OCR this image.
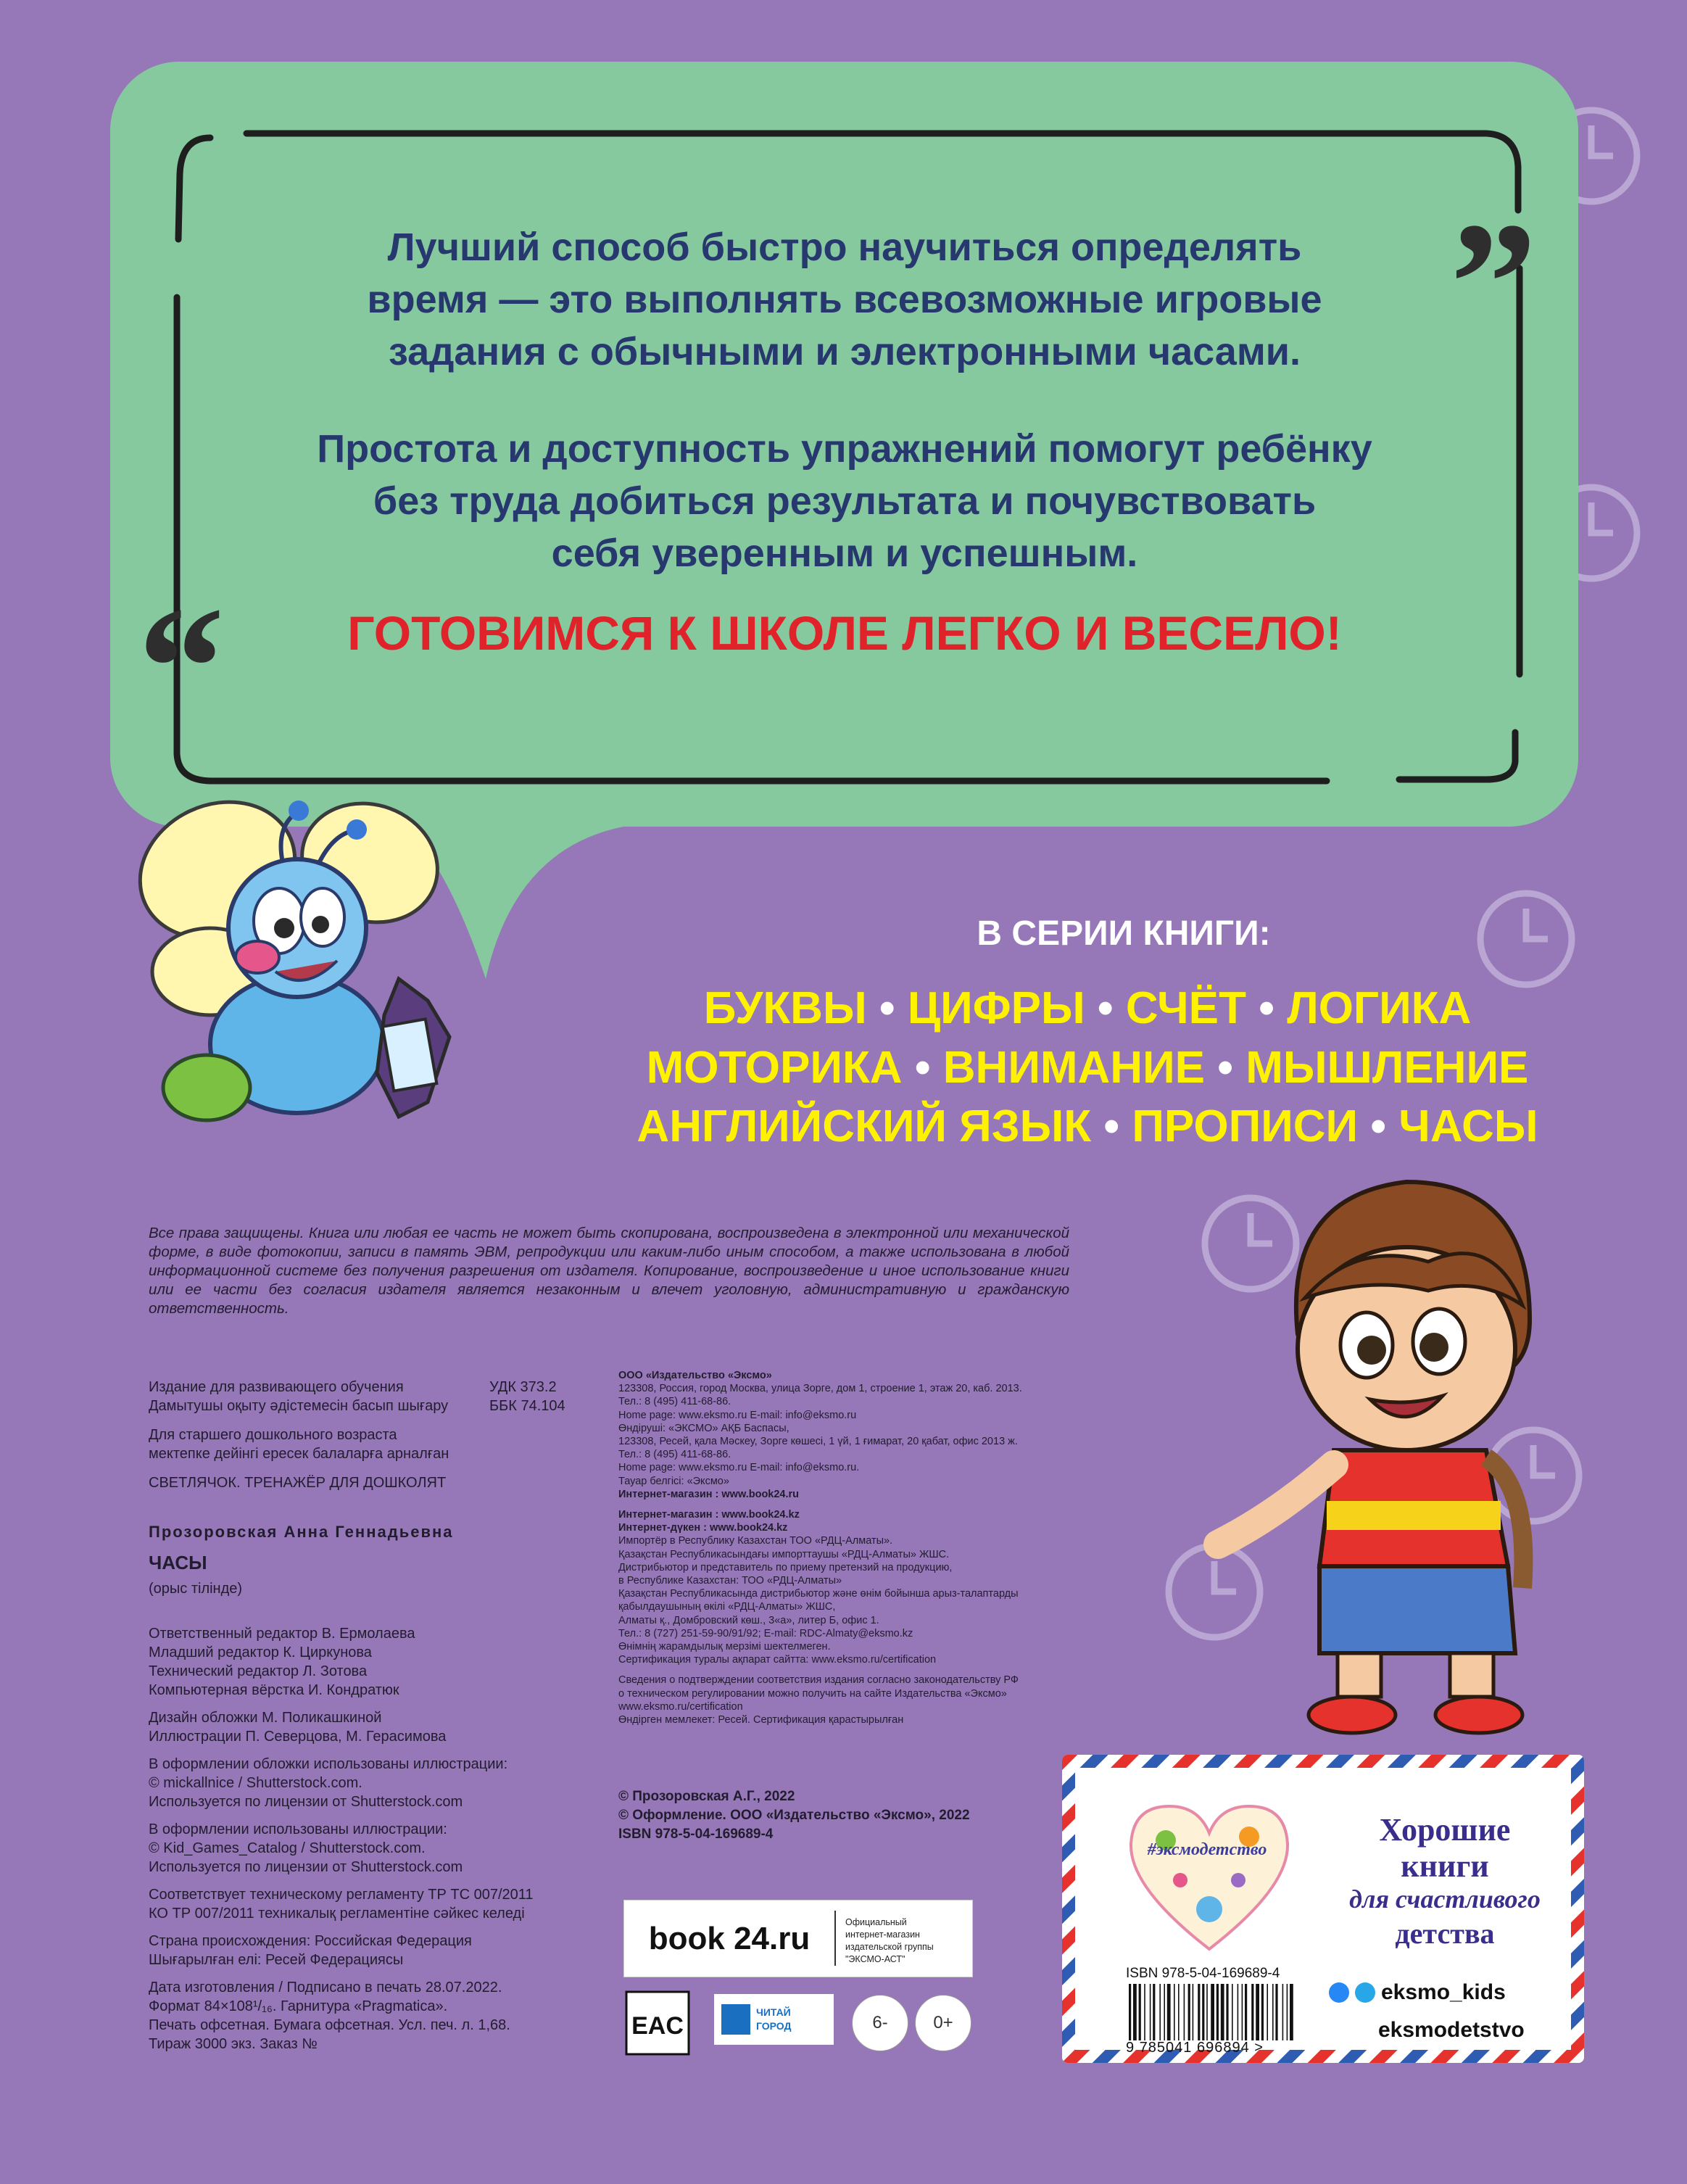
”
“
Лучший способ быстро научиться определять
время — это выполнять всевозможные игровые
задания с обычными и электронными часами.
Простота и доступность упражнений помогут ребёнку
без труда добиться результата и почувствовать
себя уверенным и успешным.
ГОТОВИМСЯ К ШКОЛЕ ЛЕГКО И ВЕСЕЛО!
В СЕРИИ КНИГИ:
БУКВЫ • ЦИФРЫ • СЧЁТ • ЛОГИКА
МОТОРИКА • ВНИМАНИЕ • МЫШЛЕНИЕ
АНГЛИЙСКИЙ ЯЗЫК • ПРОПИСИ • ЧАСЫ
Все права защищены. Книга или любая ее часть не может быть скопирована, воспроизведена в электронной или механической форме, в виде фотокопии, записи в память ЭВМ, репродукции или каким-либо иным способом, а также использована в любой информационной системе без получения разрешения от издателя. Копирование, воспроизведение и иное использование книги или ее части без согласия издателя является незаконным и влечет уголовную, административную и гражданскую ответственность.

Издание для развивающего обучения

Дамытушы оқыту әдістемесін басып шығару

Для старшего дошкольного возраста

мектепке дейінгі ересек балаларға арналған

СВЕТЛЯЧОК. ТРЕНАЖЁР ДЛЯ ДОШКОЛЯТ

УДК 373.2
ББК 74.104
Прозоровская Анна Геннадьевна
ЧАСЫ
(орыс тілінде)
Ответственный редактор В. Ермолаева
Младший редактор К. Циркунова
Технический редактор Л. Зотова
Компьютерная вёрстка И. Кондратюк
Дизайн обложки М. Поликашкиной
Иллюстрации П. Северцова, М. Герасимова
В оформлении обложки использованы иллюстрации:
© mickallnice / Shutterstock.com.
Используется по лицензии от Shutterstock.com
В оформлении использованы иллюстрации:
© Kid_Games_Catalog / Shutterstock.com.
Используется по лицензии от Shutterstock.com
Соответствует техническому регламенту ТР ТС 007/2011
КО ТР 007/2011 техникалық регламентіне сәйкес келеді
Страна происхождения: Российская Федерация
Шығарылған елі: Ресей Федерациясы
Дата изготовления / Подписано в печать 28.07.2022.
Формат 84×108¹/₁₆. Гарнитура «Pragmatica».
Печать офсетная. Бумага офсетная. Усл. печ. л. 1,68.
Тираж 3000 экз. Заказ №

ООО «Издательство «Эксмо»

123308, Россия, город Москва, улица Зорге, дом 1, строение 1, этаж 20, каб. 2013.

Тел.: 8 (495) 411-68-86.

Home page: www.eksmo.ru E-mail: info@eksmo.ru

Өндіруші: «ЭКСМО» АҚБ Баспасы,

123308, Ресей, қала Мәскеу, Зорге көшесі, 1 үй, 1 ғимарат, 20 қабат, офис 2013 ж.

Тел.: 8 (495) 411-68-86.

Home page: www.eksmo.ru E-mail: info@eksmo.ru.

Тауар белгісі: «Эксмо»

Интернет-магазин : www.book24.ru

Интернет-магазин : www.book24.kz

Интернет-дүкен : www.book24.kz

Импортёр в Республику Казахстан ТОО «РДЦ-Алматы».

Қазақстан Республикасындағы импорттаушы «РДЦ-Алматы» ЖШС.

Дистрибьютор и представитель по приему претензий на продукцию,

в Республике Казахстан: ТОО «РДЦ-Алматы»

Қазақстан Республикасында дистрибьютор және өнім бойынша арыз-талаптарды

қабылдаушының өкілі «РДЦ-Алматы» ЖШС,

Алматы қ., Домбровский көш., 3«а», литер Б, офис 1.

Тел.: 8 (727) 251-59-90/91/92; E-mail: RDC-Almaty@eksmo.kz

Өнімнің жарамдылық мерзімі шектелмеген.

Сертификация туралы ақпарат сайтта: www.eksmo.ru/certification

Сведения о подтверждении соответствия издания согласно законодательству РФ

о техническом регулировании можно получить на сайте Издательства «Эксмо»

www.eksmo.ru/certification

Өндірген мемлекет: Ресей. Сертификация қарастырылған

© Прозоровская А.Г., 2022

© Оформление. ООО «Издательство «Эксмо», 2022

ISBN 978-5-04-169689-4

book 24.ru	Официальный
интернет-магазин
издательской группы
"ЭКСМО-АСТ"
EAC	ЧИТАЙ
ГОРОД	6-	0+
#эксмодетство
Хорошие
книги
для счастливого
детства
ISBN 978-5-04-169689-4
9 785041 696894 >
eksmo_kids
eksmodetstvo
